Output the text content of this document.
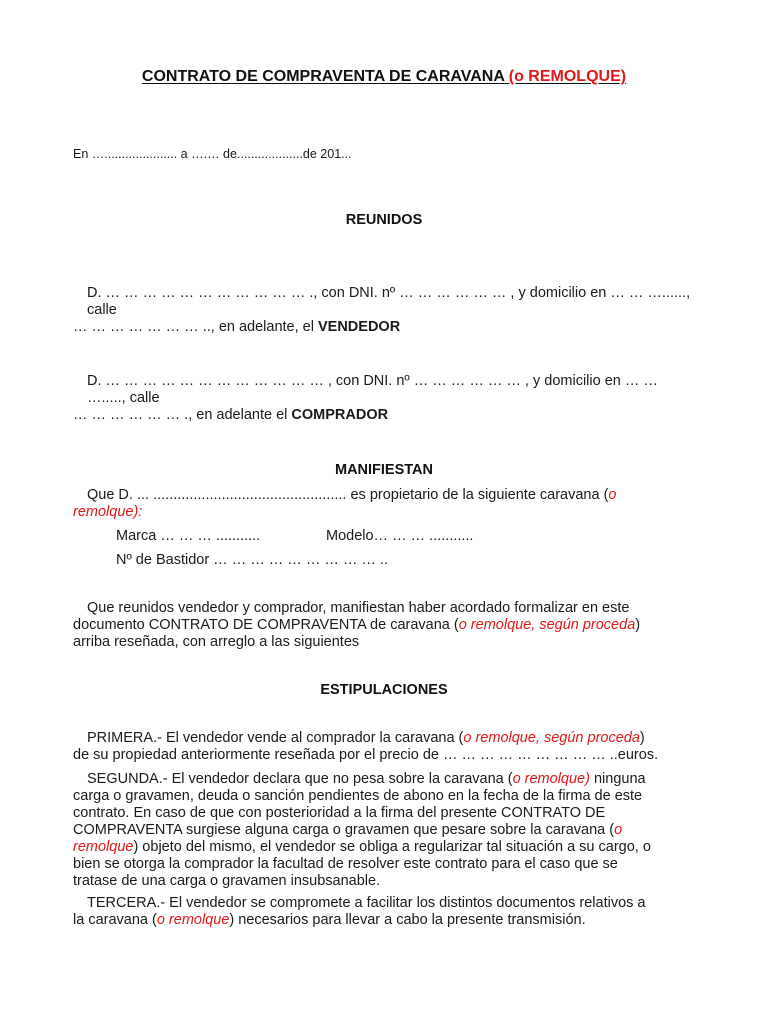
CONTRATO DE COMPRAVENTA DE CARAVANA (o REMOLQUE)
En …..................... a ….… de...................de 201...
REUNIDOS
D. … … … … … … … … … … … ., con DNI. nº … … … … … … , y domicilio en … … …......, calle
… … … … … … … .., en adelante, el VENDEDOR
D. … … … … … … … … … … … … , con DNI. nº … … … … … … , y domicilio en … … …....., calle
… … … … … … ., en adelante el COMPRADOR
MANIFIESTAN
Que D. ... ................................................ es propietario de la siguiente caravana (o
remolque):
Marca … … … ...........	Modelo… … … ...........
Nº de Bastidor … … … … … … … … … ..
Que reunidos vendedor y comprador, manifiestan haber acordado formalizar en este
documento CONTRATO DE COMPRAVENTA de caravana (o remolque, según proceda)
arriba reseñada, con arreglo a las siguientes
ESTIPULACIONES
PRIMERA.- El vendedor vende al comprador la caravana (o remolque, según proceda)
de su propiedad anteriormente reseñada por el precio de … … … … … … … … … ..euros.
SEGUNDA.- El vendedor declara que no pesa sobre la caravana (o remolque) ninguna
carga o gravamen, deuda o sanción pendientes de abono en la fecha de la firma de este
contrato. En caso de que con posterioridad a la firma del presente CONTRATO DE
COMPRAVENTA surgiese alguna carga o gravamen que pesare sobre la caravana (o
remolque) objeto del mismo, el vendedor se obliga a regularizar tal situación a su cargo, o
bien se otorga la comprador la facultad de resolver este contrato para el caso que se
tratase de una carga o gravamen insubsanable.
TERCERA.- El vendedor se compromete a facilitar los distintos documentos relativos a
la caravana (o remolque) necesarios para llevar a cabo la presente transmisión.
